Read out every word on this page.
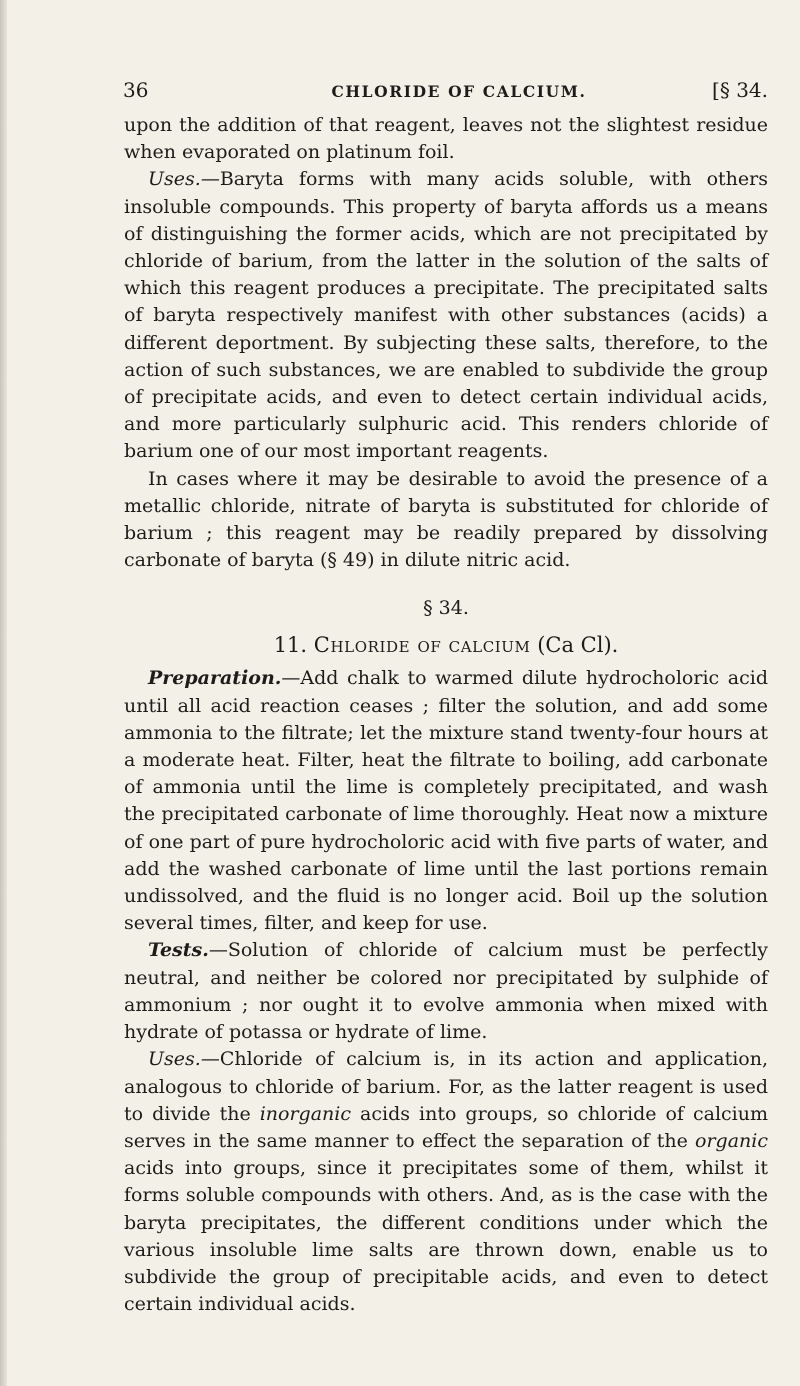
36	CHLORIDE OF CALCIUM.	[§ 34.

upon the addition of that reagent, leaves not the slightest residue when evaporated on platinum foil.

Uses.—Baryta forms with many acids soluble, with others insoluble compounds. This property of baryta affords us a means of distinguishing the former acids, which are not precipitated by chloride of barium, from the latter in the solution of the salts of which this reagent produces a precipitate. The precipitated salts of baryta respectively manifest with other substances (acids) a different deportment. By subjecting these salts, therefore, to the action of such substances, we are enabled to subdivide the group of precipitate acids, and even to detect certain individual acids, and more particularly sulphuric acid. This renders chloride of barium one of our most important reagents.

In cases where it may be desirable to avoid the presence of a metallic chloride, nitrate of baryta is substituted for chloride of barium ; this reagent may be readily prepared by dissolving carbonate of baryta (§ 49) in dilute nitric acid.

§ 34.
11. Chloride of calcium (Ca Cl).

Preparation.—Add chalk to warmed dilute hydrocholoric acid until all acid reaction ceases ; filter the solution, and add some ammonia to the filtrate; let the mixture stand twenty-four hours at a moderate heat. Filter, heat the filtrate to boiling, add carbonate of ammonia until the lime is completely precipitated, and wash the precipitated carbonate of lime thoroughly. Heat now a mixture of one part of pure hydrocholoric acid with five parts of water, and add the washed carbonate of lime until the last portions remain undissolved, and the fluid is no longer acid. Boil up the solution several times, filter, and keep for use.

Tests.—Solution of chloride of calcium must be perfectly neutral, and neither be colored nor precipitated by sulphide of ammonium ; nor ought it to evolve ammonia when mixed with hydrate of potassa or hydrate of lime.

Uses.—Chloride of calcium is, in its action and application, analogous to chloride of barium. For, as the latter reagent is used to divide the inorganic acids into groups, so chloride of calcium serves in the same manner to effect the separation of the organic acids into groups, since it precipitates some of them, whilst it forms soluble compounds with others. And, as is the case with the baryta precipitates, the different conditions under which the various insoluble lime salts are thrown down, enable us to subdivide the group of precipitable acids, and even to detect certain individual acids.
